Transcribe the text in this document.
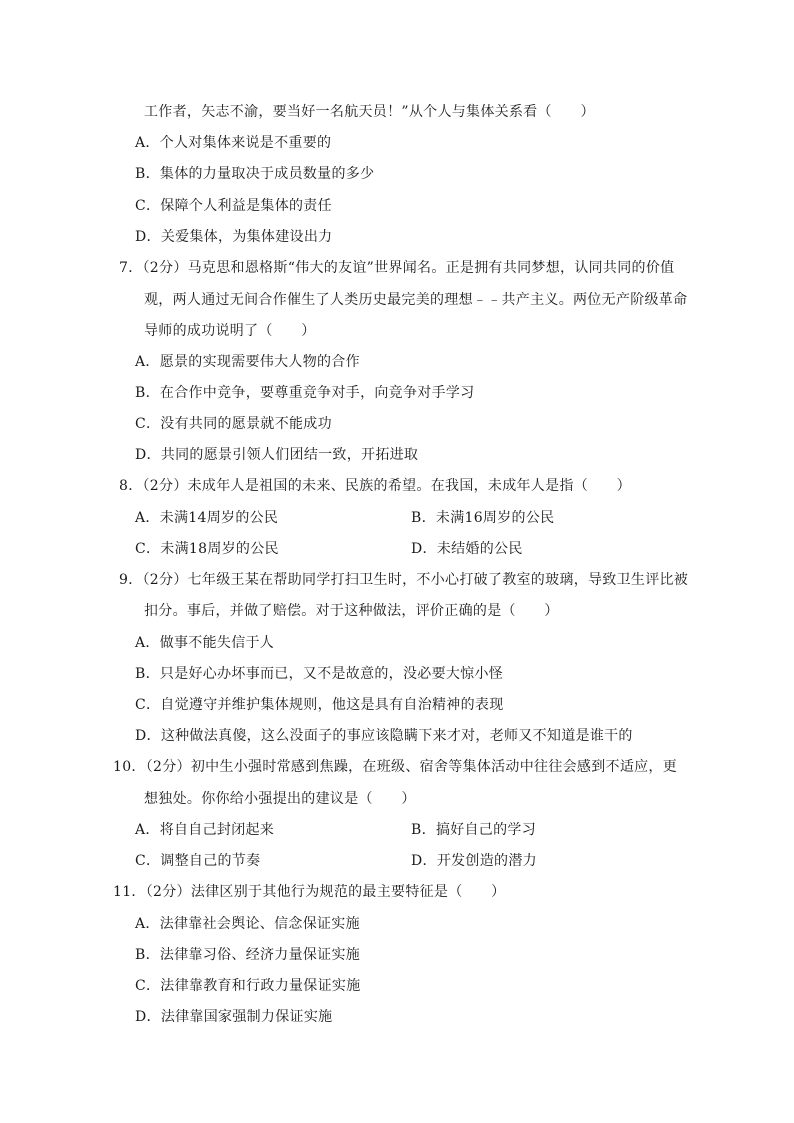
工作者，矢志不渝，要当好一名航天员！”从个人与集体关系看（　　）
A．个人对集体来说是不重要的
B．集体的力量取决于成员数量的多少
C．保障个人利益是集体的责任
D．关爱集体，为集体建设出力
7．（2分）马克思和恩格斯“伟大的友谊”世界闻名。正是拥有共同梦想，认同共同的价值
观，两人通过无间合作催生了人类历史最完美的理想﹣﹣共产主义。两位无产阶级革命
导师的成功说明了（　　）
A．愿景的实现需要伟大人物的合作
B．在合作中竞争，要尊重竞争对手，向竞争对手学习
C．没有共同的愿景就不能成功
D．共同的愿景引领人们团结一致，开拓进取
8．（2分）未成年人是祖国的未来、民族的希望。在我国，未成年人是指（　　）
A．未满14周岁的公民	B．未满16周岁的公民
C．未满18周岁的公民	D．未结婚的公民
9．（2分）七年级王某在帮助同学打扫卫生时，不小心打破了教室的玻璃，导致卫生评比被
扣分。事后，并做了赔偿。对于这种做法，评价正确的是（　　）
A．做事不能失信于人
B．只是好心办坏事而已，又不是故意的，没必要大惊小怪
C．自觉遵守并维护集体规则，他这是具有自治精神的表现
D．这种做法真傻，这么没面子的事应该隐瞒下来才对，老师又不知道是谁干的
10．（2分）初中生小强时常感到焦躁，在班级、宿舍等集体活动中往往会感到不适应，更
想独处。你你给小强提出的建议是（　　）
A．将自自己封闭起来	B．搞好自己的学习
C．调整自己的节奏	D．开发创造的潜力
11．（2分）法律区别于其他行为规范的最主要特征是（　　）
A．法律靠社会舆论、信念保证实施
B．法律靠习俗、经济力量保证实施
C．法律靠教育和行政力量保证实施
D．法律靠国家强制力保证实施
